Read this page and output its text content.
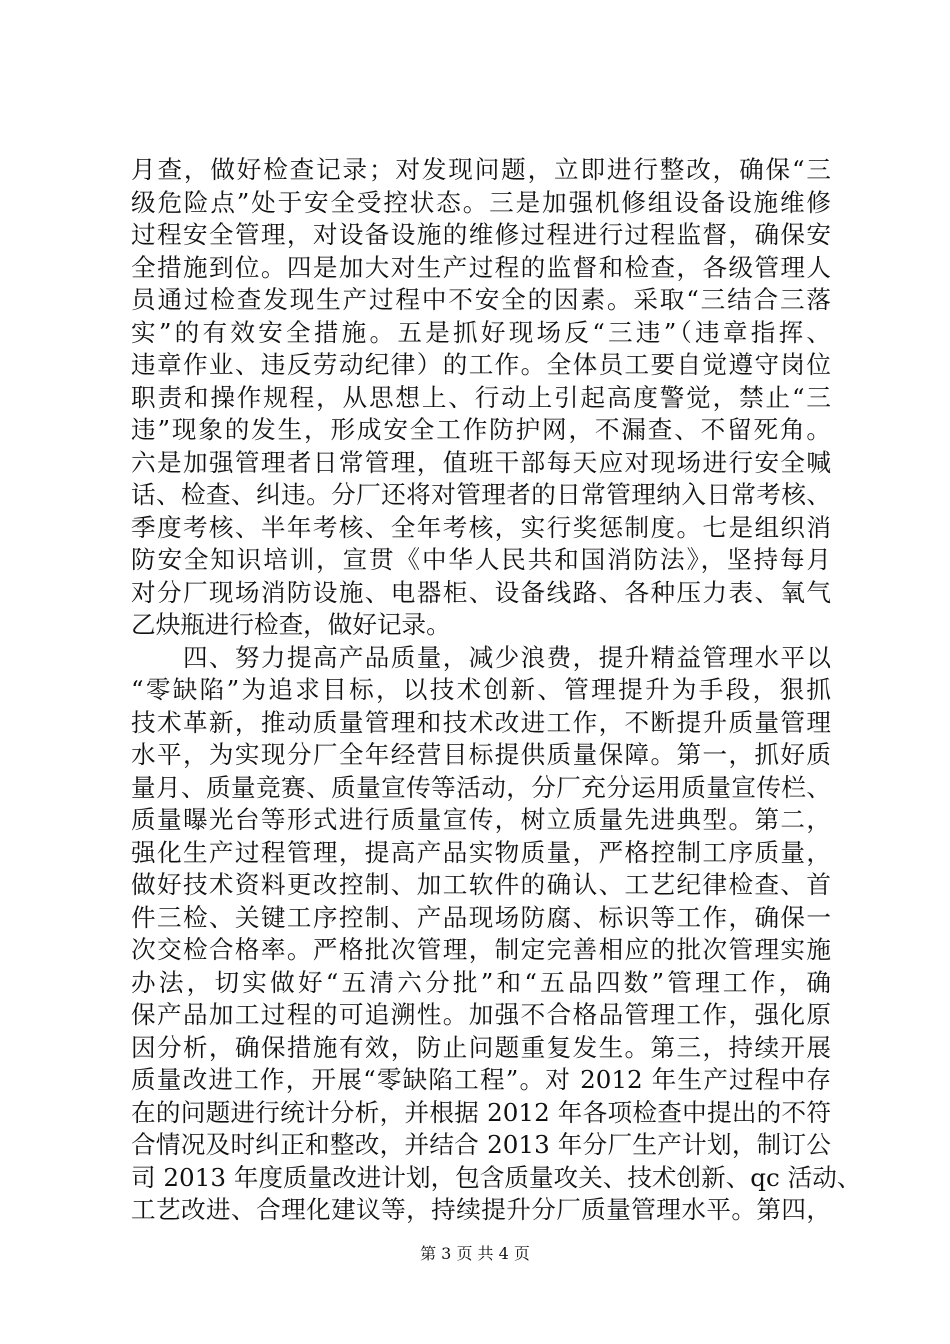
月查，做好检查记录；对发现问题，立即进行整改，确保“三
级危险点”处于安全受控状态。三是加强机修组设备设施维修
过程安全管理，对设备设施的维修过程进行过程监督，确保安
全措施到位。四是加大对生产过程的监督和检查，各级管理人
员通过检查发现生产过程中不安全的因素。采取“三结合三落
实”的有效安全措施。五是抓好现场反“三违”（违章指挥、
违章作业、违反劳动纪律）的工作。全体员工要自觉遵守岗位
职责和操作规程，从思想上、行动上引起高度警觉，禁止“三
违”现象的发生，形成安全工作防护网，不漏查、不留死角。
六是加强管理者日常管理，值班干部每天应对现场进行安全喊
话、检查、纠违。分厂还将对管理者的日常管理纳入日常考核、
季度考核、半年考核、全年考核，实行奖惩制度。七是组织消
防安全知识培训，宣贯《中华人民共和国消防法》，坚持每月
对分厂现场消防设施、电器柜、设备线路、各种压力表、氧气
乙炔瓶进行检查，做好记录。
　　四、努力提高产品质量，减少浪费，提升精益管理水平以
“零缺陷”为追求目标，以技术创新、管理提升为手段，狠抓
技术革新，推动质量管理和技术改进工作，不断提升质量管理
水平，为实现分厂全年经营目标提供质量保障。第一，抓好质
量月、质量竞赛、质量宣传等活动，分厂充分运用质量宣传栏、
质量曝光台等形式进行质量宣传，树立质量先进典型。第二，
强化生产过程管理，提高产品实物质量，严格控制工序质量，
做好技术资料更改控制、加工软件的确认、工艺纪律检查、首
件三检、关键工序控制、产品现场防腐、标识等工作，确保一
次交检合格率。严格批次管理，制定完善相应的批次管理实施
办法，切实做好“五清六分批”和“五品四数”管理工作，确
保产品加工过程的可追溯性。加强不合格品管理工作，强化原
因分析，确保措施有效，防止问题重复发生。第三，持续开展
质量改进工作，开展“零缺陷工程”。对 2012 年生产过程中存
在的问题进行统计分析，并根据 2012 年各项检查中提出的不符
合情况及时纠正和整改，并结合 2013 年分厂生产计划，制订公
司 2013 年度质量改进计划，包含质量攻关、技术创新、qc 活动、
工艺改进、合理化建议等，持续提升分厂质量管理水平。第四，
第 3 页 共 4 页
